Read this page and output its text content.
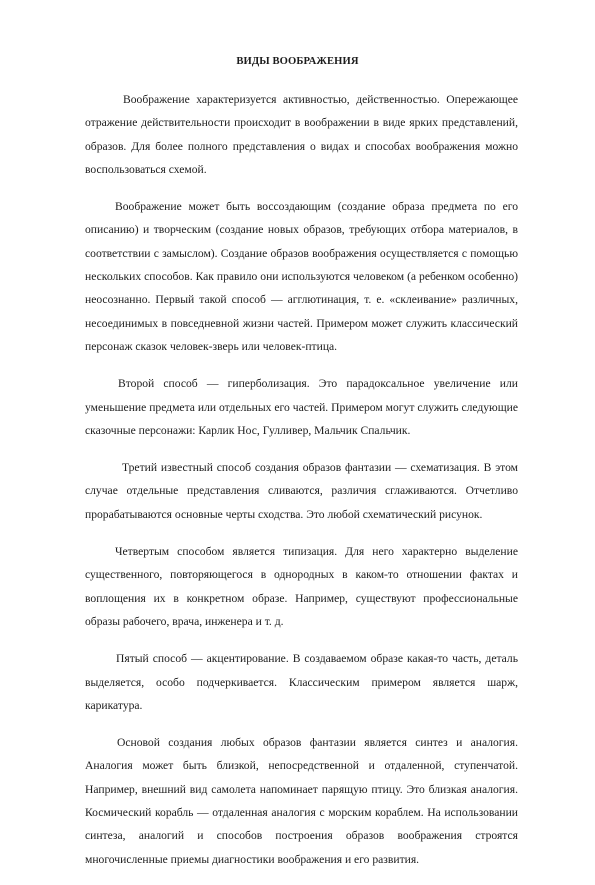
ВИДЫ ВООБРАЖЕНИЯ

Воображение характеризуется активностью, действенностью. Опережающее отражение действительности происходит в воображении в виде ярких представлений, образов. Для более полного представления о видах и способах воображения можно воспользоваться схемой.

Воображение может быть воссоздающим (создание образа предмета по его описанию) и творческим (создание новых образов, требующих отбора материалов, в соответствии с замыслом). Создание образов воображения осуществляется с помощью нескольких способов. Как правило они используются человеком (а ребенком особенно) неосознанно. Первый такой способ — агглютинация, т. е. «склеивание» различных, несоединимых в повседневной жизни частей. Примером может служить классический персонаж сказок человек-зверь или человек-птица.

Второй способ — гиперболизация. Это парадоксальное увеличение или уменьшение предмета или отдельных его частей. Примером могут служить следующие сказочные персонажи: Карлик Нос, Гулливер, Мальчик Спальчик.

Третий известный способ создания образов фантазии — схематизация. В этом случае отдельные представления сливаются, различия сглаживаются. Отчетливо прорабатываются основные черты сходства. Это любой схематический рисунок.

Четвертым способом является типизация. Для него характерно выделение существенного, повторяющегося в однородных в каком-то отношении фактах и воплощения их в конкретном образе. Например, существуют профессиональные образы рабочего, врача, инженера и т. д.

Пятый способ — акцентирование. В создаваемом образе какая-то часть, деталь выделяется, особо подчеркивается. Классическим примером является шарж, карикатура.

Основой создания любых образов фантазии является синтез и аналогия. Аналогия может быть близкой, непосредственной и отдаленной, ступенчатой. Например, внешний вид самолета напоминает парящую птицу. Это близкая аналогия. Космический корабль — отдаленная аналогия с морским кораблем. На использовании синтеза, аналогий и способов построения образов воображения строятся многочисленные приемы диагностики воображения и его развития.
